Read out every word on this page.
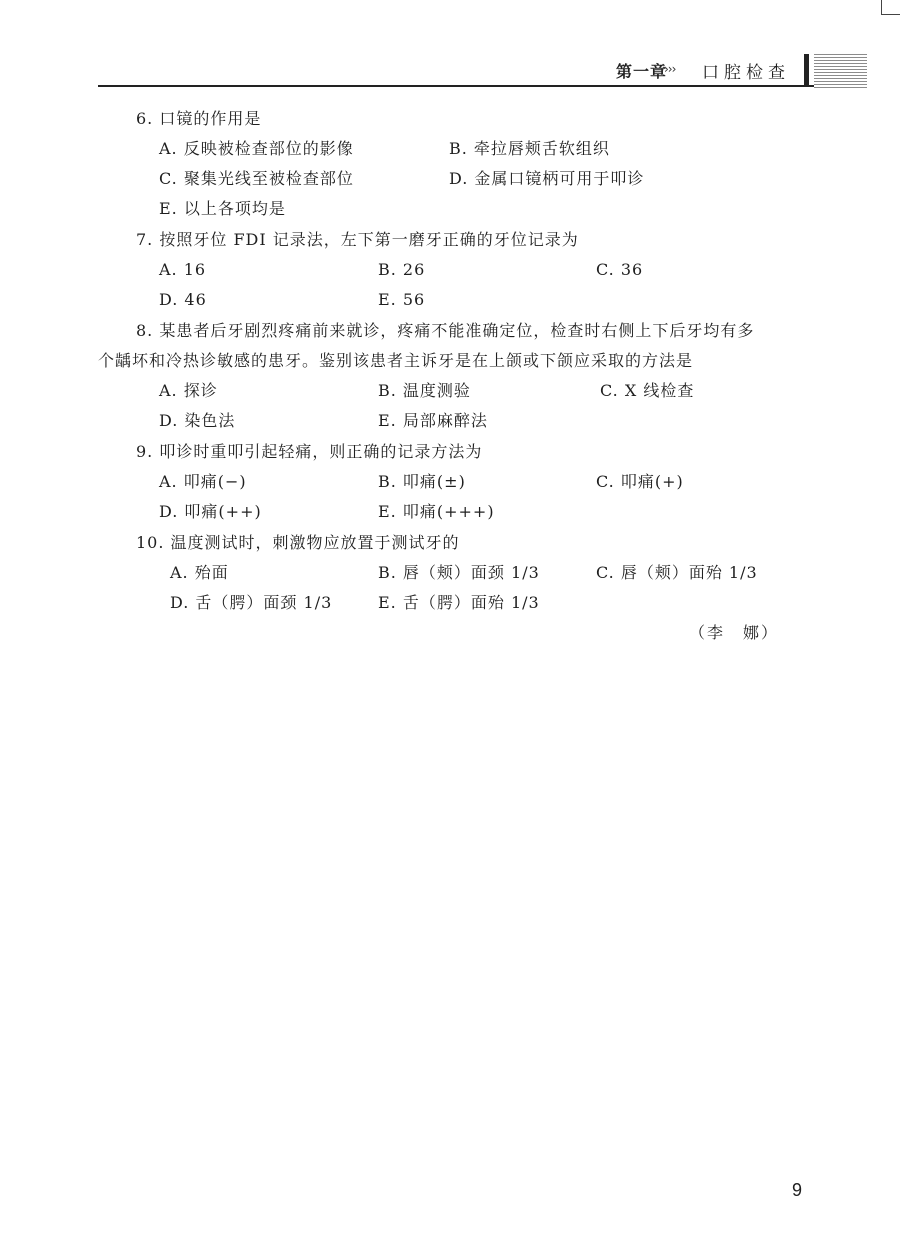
第一章
››› 口腔检查
6. 口镜的作用是
A. 反映被检查部位的影像	B. 牵拉唇颊舌软组织
C. 聚集光线至被检查部位	D. 金属口镜柄可用于叩诊
E. 以上各项均是
7. 按照牙位 FDI 记录法，左下第一磨牙正确的牙位记录为
A. 16	B. 26	C. 36
D. 46	E. 56
8. 某患者后牙剧烈疼痛前来就诊，疼痛不能准确定位，检查时右侧上下后牙均有多
个龋坏和冷热诊敏感的患牙。鉴别该患者主诉牙是在上颌或下颌应采取的方法是
A. 探诊	B. 温度测验	C. X 线检查
D. 染色法	E. 局部麻醉法
9. 叩诊时重叩引起轻痛，则正确的记录方法为
A. 叩痛(−)	B. 叩痛(±)	C. 叩痛(+)
D. 叩痛(++)	E. 叩痛(+++)
10. 温度测试时，刺激物应放置于测试牙的
A. 殆面	B. 唇（颊）面颈 1/3	C. 唇（颊）面殆 1/3
D. 舌（腭）面颈 1/3	E. 舌（腭）面殆 1/3
（李　娜）
9
